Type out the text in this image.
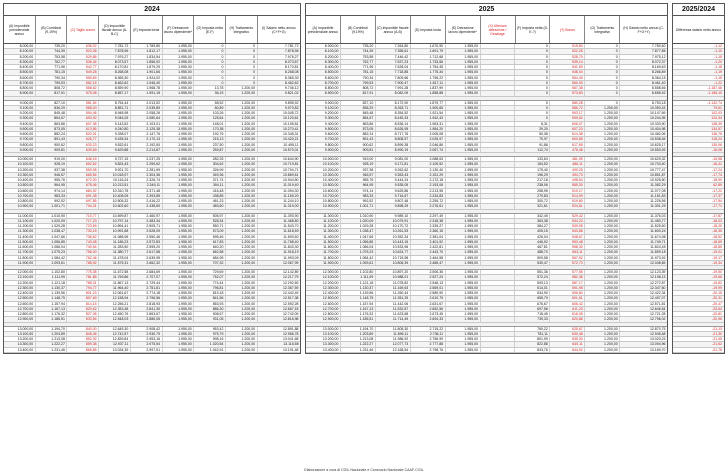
2024
(A) Imponibile previdenziale annuo
(B) Contributi (9,19%)	(C) Taglio cuneo
(D) Imponibile fiscale annuo (A-B-C)
(E) Imposta lorda	(F) Detrazione lavoro dipendente*
(G) Imposta netta (E-F)
(H) Trattamento integrativo
(I) Salario netto annuo (C+F+G)
8.000,00	735,20	636,02	7.781,72	1.789,80	1.955,00	0	0	7.781,72
8.100,00	744,39	523,36	7.878,96	1.812,17	1.955,00	0	0	7.878,96
8.200,00	753,58	529,86	7.976,27	1.834,54	1.955,00	0	0	7.976,27
8.300,00	762,77	536,34	8.073,57	1.856,92	1.955,00	0	0	8.073,57
8.400,00	771,96	542,77	8.170,81	1.879,29	1.955,00	0	0	8.170,81
8.500,00	781,15	549,28	8.268,08	1.901,66	1.955,00	0	0	8.268,08
8.600,00	790,34	555,69	8.365,30	1.924,02	1.955,00	0	0	8.365,30
8.700,00	799,53	562,15	8.462,62	1.946,40	1.955,00	0	0	8.462,62
8.800,00	808,72	568,62	8.559,90	1.968,78	1.955,00	13,78	1.200,00	9.746,12
8.900,00	817,91	575,08	8.657,17	1.991,15	1.955,00	36,15	1.200,00	9.821,02
9.000,00	827,10	581,54	8.754,44	2.013,52	1.955,00	58,52	1.200,00	9.895,92
9.100,00	836,29	588,00	8.851,71	2.035,89	1.955,00	80,89	1.200,00	9.970,82
9.200,00	845,48	594,46	8.948,98	2.058,26	1.955,00	103,26	1.200,00	10.045,72
9.300,00	854,67	600,92	9.046,25	2.080,64	1.955,00	125,64	1.200,00	10.120,61
9.400,00	863,86	607,38	9.143,52	2.103,01	1.955,00	148,01	1.200,00	10.195,51
9.500,00	873,05	613,85	9.240,80	2.125,38	1.955,00	170,38	1.200,00	10.270,41
9.600,00	882,24	620,31	9.338,07	2.147,76	1.955,00	192,76	1.200,00	10.345,31
9.700,00	891,43	626,77	9.435,34	2.170,13	1.955,00	215,13	1.200,00	10.420,21
9.800,00	900,62	633,23	9.532,61	2.192,50	1.955,00	237,50	1.200,00	10.495,11
9.900,00	909,81	639,69	9.629,88	2.214,87	1.955,00	259,87	1.200,00	10.570,01
10.000,00	919,00	646,15	9.727,15	2.237,25	1.955,00	282,25	1.200,00	10.644,90
10.100,00	928,19	652,62	9.824,43	2.259,62	1.955,00	304,62	1.200,00	10.719,81
10.200,00	937,38	659,08	9.921,70	2.281,99	1.955,00	326,99	1.200,00	10.794,71
10.300,00	946,57	665,54	10.018,97	2.304,36	1.955,00	349,36	1.200,00	10.869,61
10.400,00	955,76	672,00	10.116,24	2.326,74	1.955,00	371,74	1.200,00	10.944,50
10.500,00	964,95	678,46	10.213,51	2.349,11	1.955,00	394,11	1.200,00	11.019,40
10.600,00	974,14	684,92	10.310,78	2.371,48	1.955,00	416,48	1.200,00	11.094,30
10.700,00	983,33	691,38	10.408,05	2.393,85	1.955,00	438,85	1.200,00	11.169,20
10.800,00	992,52	697,85	10.505,32	2.416,22	1.955,00	461,23	1.200,00	11.244,10
10.900,00	1.001,71	704,31	10.602,60	2.438,60	1.955,00	483,60	1.200,00	11.319,00
11.000,00	1.010,90	710,77	10.699,87	2.460,97	1.955,00	505,97	1.200,00	11.393,90
11.100,00	1.020,09	717,23	10.797,14	2.483,34	1.955,00	528,34	1.200,00	11.468,80
11.200,00	1.029,28	723,69	10.894,41	2.505,71	1.955,00	550,71	1.200,00	11.543,70
11.300,00	1.038,47	730,15	10.991,68	2.528,09	1.955,00	573,09	1.200,00	11.618,59
11.400,00	1.047,66	736,62	11.088,96	2.550,46	1.955,00	595,46	1.200,00	11.693,50
11.500,00	1.056,85	743,08	11.186,23	2.572,83	1.955,00	617,83	1.200,00	11.768,40
11.600,00	1.066,04	749,54	11.283,50	2.595,20	1.955,00	640,20	1.200,00	11.843,30
11.700,00	1.075,23	756,00	11.380,77	2.617,58	1.955,00	662,58	1.200,00	11.918,19
11.800,00	1.084,42	762,46	11.478,04	2.639,95	1.955,00	684,95	1.200,00	11.993,09
11.900,00	1.093,61	768,92	11.575,31	2.662,32	1.955,00	707,32	1.200,00	12.067,99
12.000,00	1.102,80	775,38	11.672,58	2.684,69	1.955,00	729,69	1.200,00	12.142,89
12.100,00	1.111,99	781,85	11.769,86	2.707,07	1.955,00	752,07	1.200,00	12.217,79
12.200,00	1.121,18	788,31	11.867,13	2.729,44	1.955,00	774,44	1.200,00	12.292,69
12.300,00	1.130,37	794,77	11.964,40	2.751,81	1.955,00	796,81	1.200,00	12.367,59
12.400,00	1.139,56	801,23	12.061,67	2.774,18	1.955,00	819,18	1.200,00	12.442,49
12.500,00	1.148,75	807,69	12.158,94	2.796,56	1.955,00	841,56	1.200,00	12.517,38
12.600,00	1.157,94	814,15	12.256,21	2.818,93	1.955,00	863,93	1.200,00	12.592,28
12.700,00	1.167,13	820,62	12.353,48	2.841,30	1.955,00	886,30	1.200,00	12.667,18
12.800,00	1.176,32	827,08	12.450,76	2.863,67	1.955,00	908,67	1.200,00	12.742,09
12.900,00	1.185,51	833,54	12.548,03	2.886,05	1.955,00	931,05	1.200,00	12.816,98
13.000,00	1.194,70	840,00	12.645,30	2.908,42	1.955,00	953,42	1.200,00	12.891,88
13.100,00	1.203,89	846,46	12.742,57	2.930,79	1.955,00	975,79	1.200,00	12.966,78
13.200,00	1.213,08	852,92	12.839,84	2.953,16	1.955,00	998,16	1.200,00	13.041,68
13.300,00	1.222,27	859,38	12.937,11	2.975,54	1.955,00	1.020,54	1.200,00	13.116,58
13.400,00	1.231,46	865,85	13.034,39	2.997,91	1.955,00	1.042,91	1.200,00	13.191,48
2025
(A) Imponibile previdenziale annuo
(B) Contributi (9,19%)
(C) Imponibile fiscale annuo (A-B)	(D) Imposta lorda	(E) Detrazione lavoro dipendente*
(X) Ulteriore detrazione / Decalage
(F) Imposta netta (D-E-?)	(Y) Bonus	(G) Trattamento integrativo
(H) Salario netto annuo (C-F+G+Y)
8.000,00	735,20	7.264,80	1.670,90	1.955,00	0	515,80	0	7.780,60
8.100,00	744,39	7.355,61	1.691,79	1.955,00	0	522,25	0	7.877,86
8.200,00	753,58	7.446,42	1.712,68	1.955,00	0	528,70	0	7.975,12
8.300,00	762,77	7.537,23	1.733,56	1.955,00	0	535,14	0	8.072,37
8.400,00	771,96	7.628,04	1.754,45	1.955,00	0	541,59	0	8.169,63
8.500,00	781,15	7.718,85	1.775,34	1.955,00	0	548,04	0	8.266,89
8.600,00	790,34	7.809,66	1.796,22	1.955,00	0	554,49	0	8.364,15
8.700,00	799,53	7.900,47	1.817,11	1.955,00	0	560,93	0	8.461,40
8.800,00	808,72	7.991,28	1.837,99	1.955,00	0	567,38	0	8.558,66
8.900,00	817,91	8.082,09	1.858,88	1.955,00	0	573,83	0	8.655,92
9.000,00	827,10	8.172,90	1.879,77	1.955,00	0	580,28	0	8.753,18
9.100,00	836,29	8.263,71	1.900,65	1.955,00	0	586,72	1.200,00	10.050,43
9.200,00	845,48	8.354,52	1.921,54	1.955,00	0	593,17	1.200,00	10.147,69
9.300,00	854,67	8.445,33	1.942,43	1.955,00	0	599,62	1.200,00	10.244,95
9.400,00	863,86	8.536,14	1.963,31	1.955,00	8,31	606,07	1.200,00	10.333,90
9.500,00	873,05	8.626,95	1.984,20	1.955,00	29,20	607,23	1.200,00	10.404,98
9.600,00	882,24	8.717,76	2.005,08	1.955,00	50,08	614,38	1.200,00	10.482,06
9.700,00	891,43	8.808,57	2.025,97	1.955,00	70,97	600,85	1.200,00	10.538,45
9.800,00	900,62	8.899,38	2.046,86	1.955,00	91,86	617,65	1.200,00	10.625,17
9.900,00	909,81	8.990,19	2.067,74	1.955,00	112,74	476,48	1.200,00	10.553,93
10.000,00	919,00	9.081,00	2.088,63	1.955,00	133,63	481,95	1.200,00	10.629,32
10.100,00	928,19	9.171,81	2.109,52	1.955,00	154,52	486,11	1.200,00	10.703,40
10.200,00	937,38	9.262,62	2.130,40	1.955,00	175,40	490,25	1.200,00	10.777,47
10.300,00	946,57	9.353,43	2.151,29	1.955,00	196,29	494,73	1.200,00	10.851,87
10.400,00	955,76	9.444,24	2.172,18	1.955,00	217,18	498,54	1.200,00	10.925,60
10.500,00	964,95	9.535,05	2.193,06	1.955,00	238,06	585,30	1.200,00	11.082,29
10.600,00	974,14	9.625,86	2.213,95	1.955,00	258,95	510,17	1.200,00	11.077,08
10.700,00	983,33	9.716,67	2.234,83	1.955,00	279,83	514,99	1.200,00	11.151,83
10.800,00	992,52	9.807,48	2.255,72	1.955,00	300,72	519,80	1.200,00	11.226,56
10.900,00	1.001,71	9.898,29	2.276,61	1.955,00	321,61	524,61	1.200,00	11.301,29
11.000,00	1.010,90	9.989,10	2.297,49	1.955,00	342,49	529,42	1.200,00	11.376,03
11.100,00	1.020,09	10.079,91	2.318,38	1.955,00	363,38	534,23	1.200,00	11.450,77
11.200,00	1.029,28	10.170,72	2.339,27	1.955,00	384,27	539,05	1.200,00	11.525,50
11.300,00	1.038,47	10.261,53	2.360,15	1.955,00	405,15	543,86	1.200,00	11.600,24
11.400,00	1.047,66	10.352,34	2.381,04	1.955,00	426,04	548,67	1.200,00	11.674,98
11.500,00	1.056,85	10.443,15	2.401,92	1.955,00	446,92	553,48	1.200,00	11.749,71
11.600,00	1.066,04	10.533,96	2.422,81	1.955,00	467,81	558,30	1.200,00	11.824,45
11.700,00	1.075,23	10.624,77	2.443,70	1.955,00	488,70	563,11	1.200,00	11.899,18
11.800,00	1.084,42	10.715,58	2.464,58	1.955,00	509,58	567,92	1.200,00	11.973,92
11.900,00	1.093,61	10.806,39	2.485,47	1.955,00	530,47	572,73	1.200,00	12.048,65
12.000,00	1.102,80	10.897,20	2.506,36	1.955,00	551,36	577,55	1.200,00	12.123,39
12.100,00	1.111,99	10.988,01	2.527,24	1.955,00	572,24	582,36	1.200,00	12.198,13
12.200,00	1.121,18	11.078,82	2.548,13	1.955,00	593,13	587,17	1.200,00	12.272,87
12.300,00	1.130,37	11.169,63	2.569,01	1.955,00	614,01	591,98	1.200,00	12.347,60
12.400,00	1.139,56	11.260,44	2.589,90	1.955,00	634,90	596,80	1.200,00	12.422,34
12.500,00	1.148,75	11.351,25	2.610,79	1.955,00	655,79	601,61	1.200,00	12.497,07
12.600,00	1.157,94	11.442,06	2.631,67	1.955,00	676,67	606,42	1.200,00	12.571,81
12.700,00	1.167,13	11.532,87	2.652,56	1.955,00	697,56	611,23	1.200,00	12.646,54
12.800,00	1.176,32	11.623,68	2.673,45	1.955,00	718,45	616,05	1.200,00	12.721,28
12.900,00	1.185,51	11.714,49	2.694,33	1.955,00	739,33	620,86	1.200,00	12.796,02
13.000,00	1.194,70	11.805,30	2.715,22	1.955,00	760,22	625,67	1.200,00	12.870,75
13.100,00	1.203,89	11.896,11	2.736,11	1.955,00	781,11	630,48	1.200,00	12.945,48
13.200,00	1.213,08	11.986,92	2.756,99	1.955,00	801,99	635,30	1.200,00	13.020,23
13.300,00	1.222,27	12.077,73	2.777,88	1.955,00	822,88	640,11	1.200,00	13.094,96
13.400,00	1.231,46	12.168,54	2.798,76	1.955,00	843,76	644,92	1.200,00	13.169,70
2025/2024
Differenza salario netto annuo
-1,12
-1,10
-1,15
-1,20
-1,18
-1,19
-1,15
-1,22
-1.187,46
-1.165,10
-1.142,74
79,61
102,03
124,34
138,39
134,57
136,75
118,24
130,06
-16,08
-15,58
-16,41
-17,24
-17,74
-18,90
62,89
-17,22
-17,37
-17,54
-17,71
-17,87
-18,03
-18,20
-18,35
-18,52
-18,69
-18,85
-19,01
-19,17
-19,34
-19,50
-19,66
-19,82
-19,99
-20,15
-20,31
-20,47
-20,64
-20,81
-20,96
-21,13
-21,30
-21,45
-21,62
-21,78
Elaborazione a cura di CGIL Nazionale e Consorzio Nazionale CAAF-CGIL
